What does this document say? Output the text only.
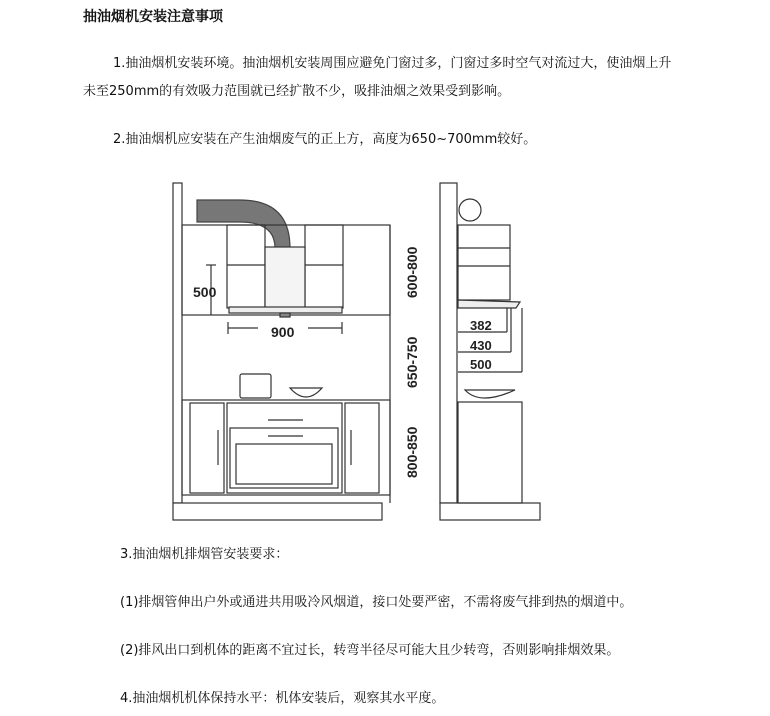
抽油烟机安装注意事项
1.抽油烟机安装环境。抽油烟机安装周围应避免门窗过多，门窗过多时空气对流过大，使油烟上升未至250mm的有效吸力范围就已经扩散不少，吸排油烟之效果受到影响。
2.抽油烟机应安装在产生油烟废气的正上方，高度为650~700mm较好。
500
900
600-800
650-750
800-850
382
430
500
3.抽油烟机排烟管安装要求：
(1)排烟管伸出户外或通进共用吸冷风烟道，接口处要严密，不需将废气排到热的烟道中。
(2)排风出口到机体的距离不宜过长，转弯半径尽可能大且少转弯，否则影响排烟效果。
4.抽油烟机机体保持水平：机体安装后，观察其水平度。
